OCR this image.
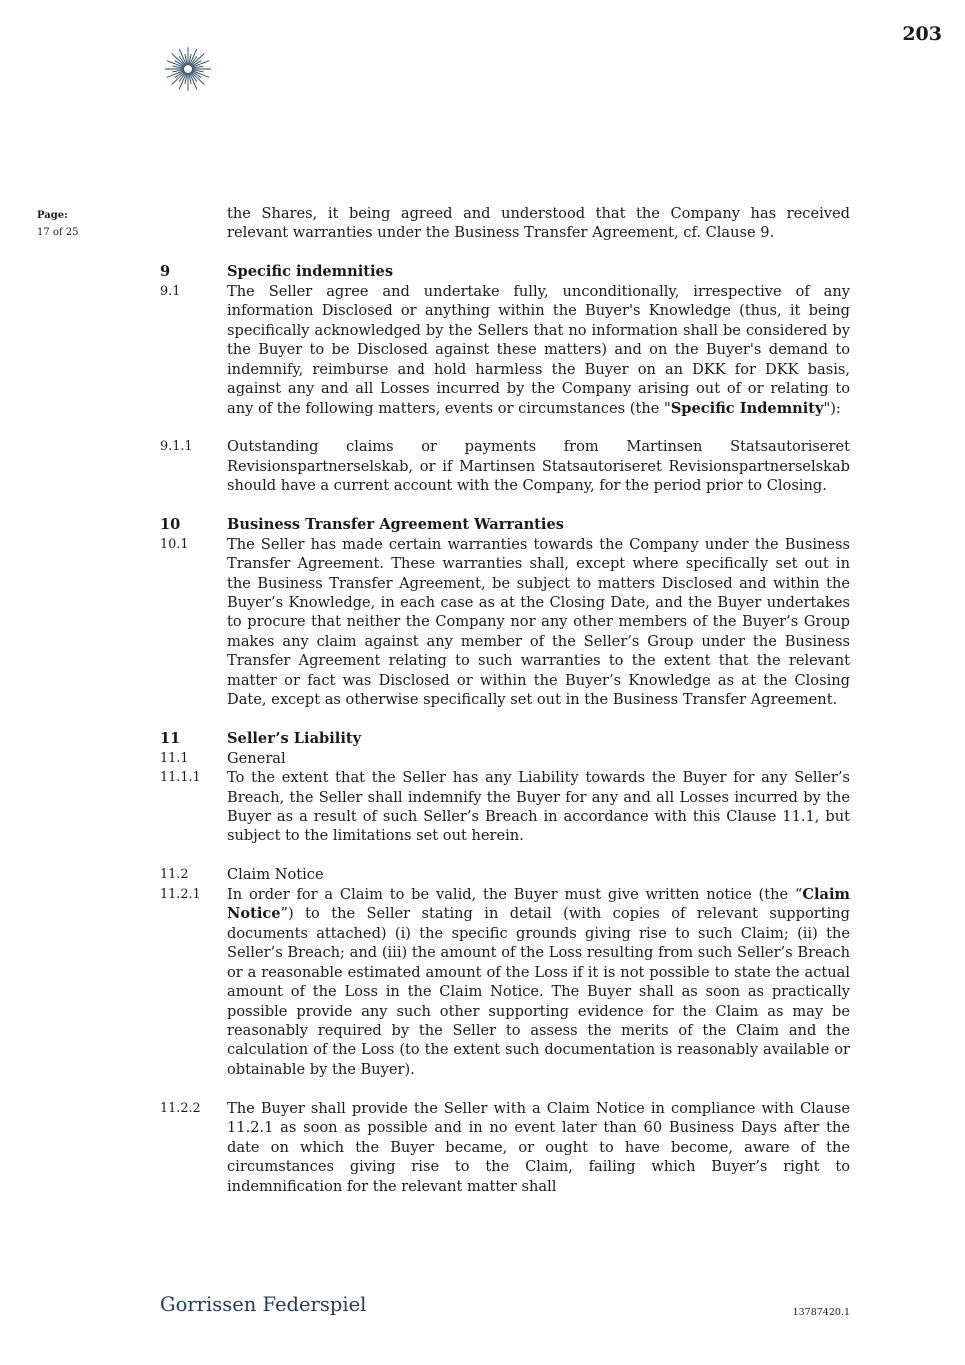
203
Page:
17 of 25
the Shares, it being agreed and understood that the Company has received relevant warranties under the Business Transfer Agreement, cf. Clause 9.
9	Specific indemnities
9.1	The Seller agree and undertake fully, unconditionally, irrespective of any information Disclosed or anything within the Buyer's Knowledge (thus, it being specifically acknowledged by the Sellers that no information shall be considered by the Buyer to be Disclosed against these matters) and on the Buyer's demand to indemnify, reimburse and hold harmless the Buyer on an DKK for DKK basis, against any and all Losses incurred by the Company arising out of or relating to any of the following matters, events or circumstances (the "Specific Indemnity"):
9.1.1	Outstanding claims or payments from Martinsen Statsautoriseret Revisionspartnerselskab, or if Martinsen Statsautoriseret Revisionspartnerselskab should have a current account with the Company, for the period prior to Closing.
10	Business Transfer Agreement Warranties
10.1	The Seller has made certain warranties towards the Company under the Business Transfer Agreement. These warranties shall, except where specifically set out in the Business Transfer Agreement, be subject to matters Disclosed and within the Buyer’s Knowledge, in each case as at the Closing Date, and the Buyer undertakes to procure that neither the Company nor any other members of the Buyer’s Group makes any claim against any member of the Seller’s Group under the Business Transfer Agreement relating to such warranties to the extent that the relevant matter or fact was Disclosed or within the Buyer’s Knowledge as at the Closing Date, except as otherwise specifically set out in the Business Transfer Agreement.
11	Seller’s Liability
11.1	General
11.1.1	To the extent that the Seller has any Liability towards the Buyer for any Seller’s Breach, the Seller shall indemnify the Buyer for any and all Losses incurred by the Buyer as a result of such Seller’s Breach in accordance with this Clause 11.1, but subject to the limitations set out herein.
11.2	Claim Notice
11.2.1	In order for a Claim to be valid, the Buyer must give written notice (the “Claim Notice”) to the Seller stating in detail (with copies of relevant supporting documents attached) (i) the specific grounds giving rise to such Claim; (ii) the Seller’s Breach; and (iii) the amount of the Loss resulting from such Seller’s Breach or a reasonable estimated amount of the Loss if it is not possible to state the actual amount of the Loss in the Claim Notice. The Buyer shall as soon as practically possible provide any such other supporting evidence for the Claim as may be reasonably required by the Seller to assess the merits of the Claim and the calculation of the Loss (to the extent such documentation is reasonably available or obtainable by the Buyer).
11.2.2	The Buyer shall provide the Seller with a Claim Notice in compliance with Clause 11.2.1 as soon as possible and in no event later than 60 Business Days after the date on which the Buyer became, or ought to have become, aware of the circumstances giving rise to the Claim, failing which Buyer’s right to indemnification for the relevant matter shall
Gorrissen Federspiel	13787420.1
